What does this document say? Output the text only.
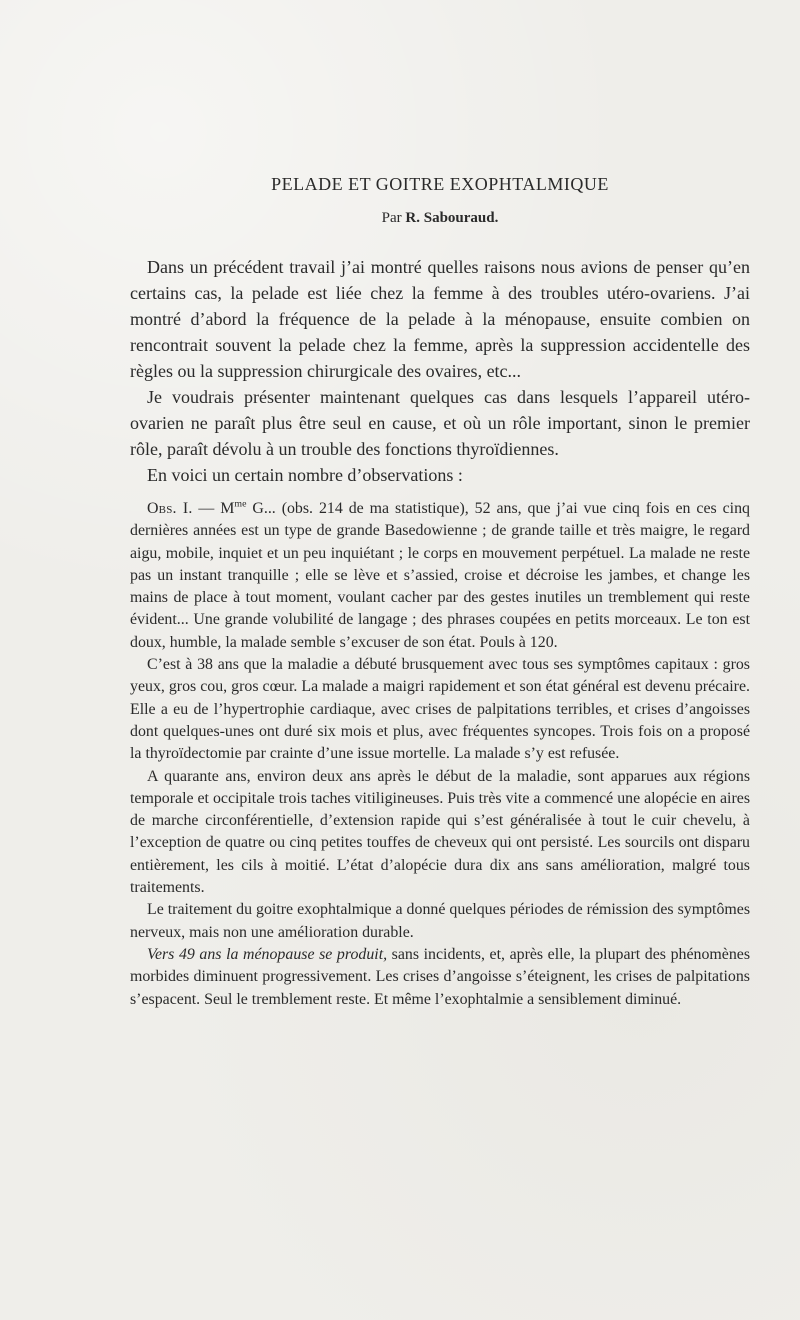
PELADE ET GOITRE EXOPHTALMIQUE
Par R. Sabouraud.

Dans un précédent travail j’ai montré quelles raisons nous avions de penser qu’en certains cas, la pelade est liée chez la femme à des troubles utéro-ovariens. J’ai montré d’abord la fréquence de la pelade à la ménopause, ensuite combien on rencontrait souvent la pelade chez la femme, après la suppression accidentelle des règles ou la suppression chirurgicale des ovaires, etc...

Je voudrais présenter maintenant quelques cas dans lesquels l’appareil utéro-ovarien ne paraît plus être seul en cause, et où un rôle important, sinon le premier rôle, paraît dévolu à un trouble des fonctions thyroïdiennes.

En voici un certain nombre d’observations :

Obs. I. — $M^{me}$ G... (obs. 214 de ma statistique), 52 ans, que j’ai vue cinq fois en ces cinq dernières années est un type de grande Basedowienne ; de grande taille et très maigre, le regard aigu, mobile, inquiet et un peu inquiétant ; le corps en mouvement perpétuel. La malade ne reste pas un instant tranquille ; elle se lève et s’assied, croise et décroise les jambes, et change les mains de place à tout moment, voulant cacher par des gestes inutiles un tremblement qui reste évident... Une grande volubilité de langage ; des phrases coupées en petits morceaux. Le ton est doux, humble, la malade semble s’excuser de son état. Pouls à 120.

C’est à 38 ans que la maladie a débuté brusquement avec tous ses symptômes capitaux : gros yeux, gros cou, gros cœur. La malade a maigri rapidement et son état général est devenu précaire. Elle a eu de l’hypertrophie cardiaque, avec crises de palpitations terribles, et crises d’angoisses dont quelques-unes ont duré six mois et plus, avec fréquentes syncopes. Trois fois on a proposé la thyroïdectomie par crainte d’une issue mortelle. La malade s’y est refusée.

A quarante ans, environ deux ans après le début de la maladie, sont apparues aux régions temporale et occipitale trois taches vitiligineuses. Puis très vite a commencé une alopécie en aires de marche circonférentielle, d’extension rapide qui s’est généralisée à tout le cuir chevelu, à l’exception de quatre ou cinq petites touffes de cheveux qui ont persisté. Les sourcils ont disparu entièrement, les cils à moitié. L’état d’alopécie dura dix ans sans amélioration, malgré tous traitements.

Le traitement du goitre exophtalmique a donné quelques périodes de rémission des symptômes nerveux, mais non une amélioration durable.

Vers 49 ans la ménopause se produit, sans incidents, et, après elle, la plupart des phénomènes morbides diminuent progressivement. Les crises d’angoisse s’éteignent, les crises de palpitations s’espacent. Seul le tremblement reste. Et même l’exophtalmie a sensiblement diminué.
